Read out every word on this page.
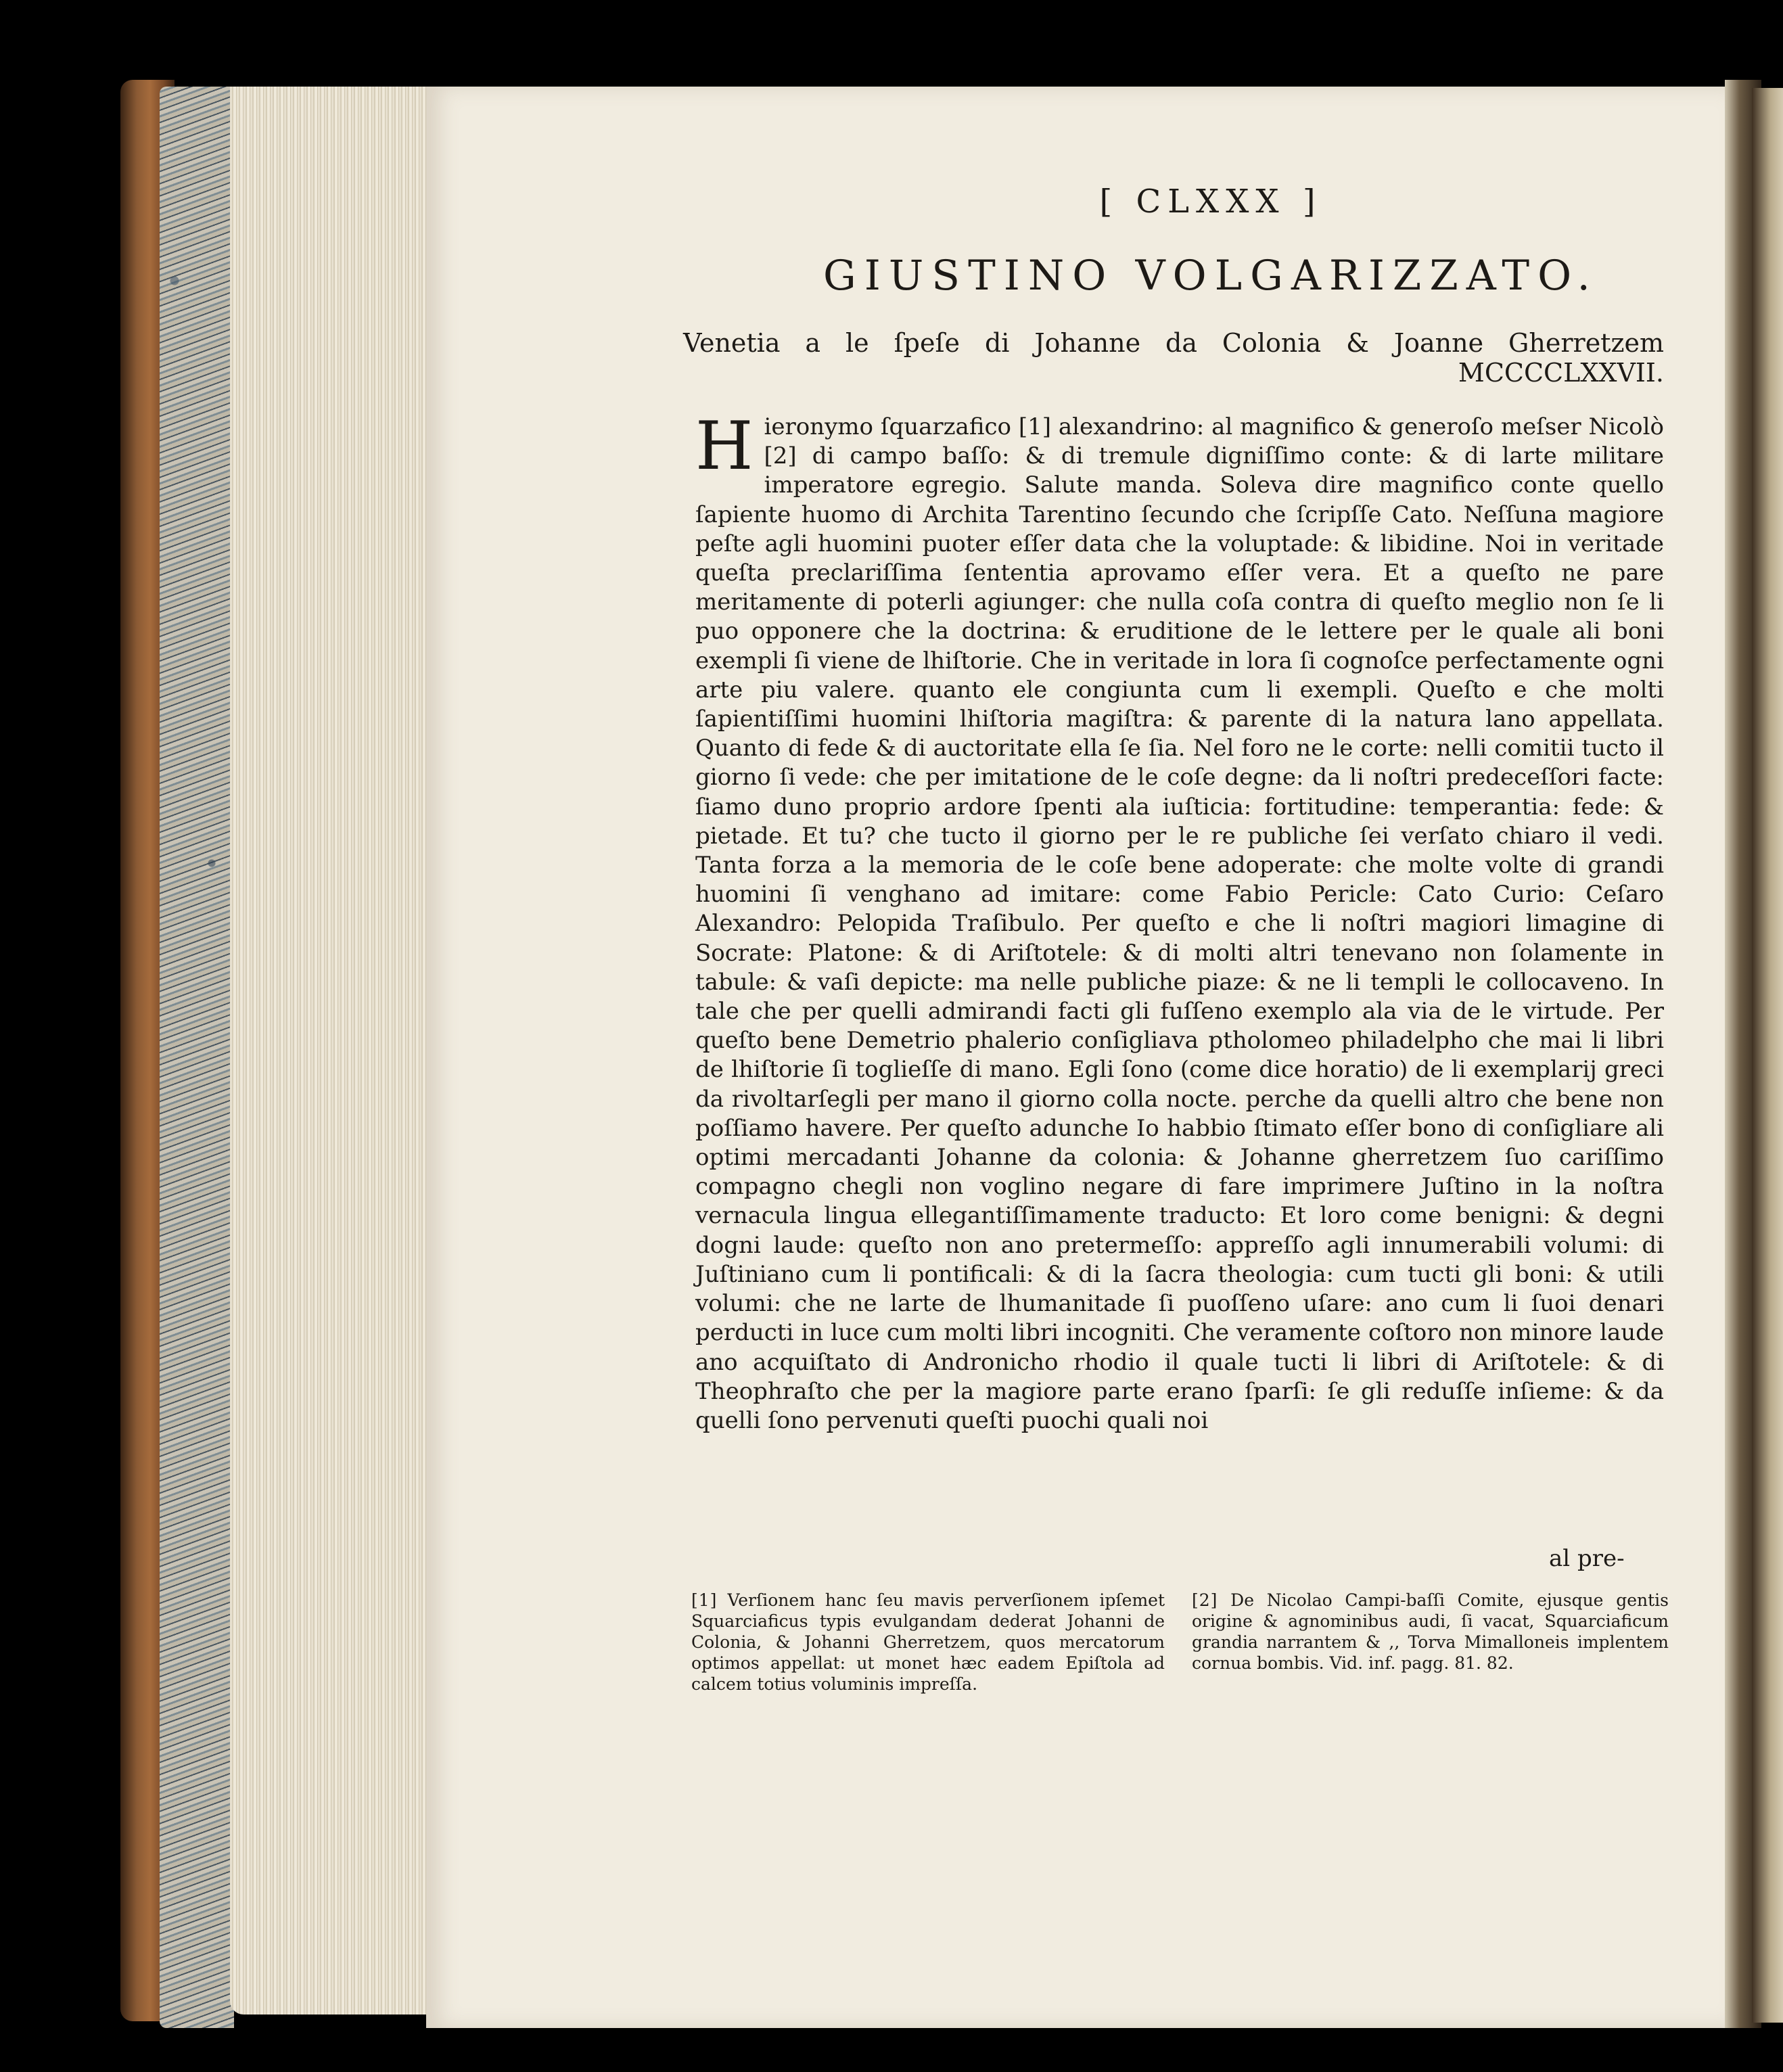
[ CLXXX ]
GIUSTINO VOLGARIZZATO.
Venetia a le ſpeſe di Johanne da Colonia & Joanne Gherretzem MCCCCLXXVII.
Hieronymo ſquarzafico [1] alexandrino: al magnifico & generoſo meſser Nicolò [2] di campo baſſo: & di tremule digniſſimo conte: & di larte militare imperatore egregio. Salute manda. Soleva dire magnifico conte quello ſapiente huomo di Archita Tarentino ſecundo che ſcripſſe Cato. Neſſuna magiore peſte agli huomini puoter eſſer data che la voluptade: & libidine. Noi in veritade queſta preclariſſima ſententia aprovamo eſſer vera. Et a queſto ne pare meritamente di poterli agiunger: che nulla coſa contra di queſto meglio non ſe li puo opponere che la doctrina: & eruditione de le lettere per le quale ali boni exempli ſi viene de lhiſtorie. Che in veritade in lora ſi cognoſce perfectamente ogni arte piu valere. quanto ele congiunta cum li exempli. Queſto e che molti ſapientiſſimi huomini lhiſtoria magiſtra: & parente di la natura lano appellata. Quanto di fede & di auctoritate ella ſe ſia. Nel foro ne le corte: nelli comitii tucto il giorno ſi vede: che per imitatione de le coſe degne: da li noſtri predeceſſori facte: ſiamo duno proprio ardore ſpenti ala iuſticia: fortitudine: temperantia: fede: & pietade. Et tu? che tucto il giorno per le re publiche ſei verſato chiaro il vedi. Tanta forza a la memoria de le coſe bene adoperate: che molte volte di grandi huomini ſi venghano ad imitare: come Fabio Pericle: Cato Curio: Ceſaro Alexandro: Pelopida Traſibulo. Per queſto e che li noſtri magiori limagine di Socrate: Platone: & di Ariſtotele: & di molti altri tenevano non ſolamente in tabule: & vaſi depicte: ma nelle publiche piaze: & ne li templi le collocaveno. In tale che per quelli admirandi facti gli fuſſeno exemplo ala via de le virtude. Per queſto bene Demetrio phalerio conſigliava ptholomeo philadelpho che mai li libri de lhiſtorie ſi toglieſſe di mano. Egli ſono (come dice horatio) de li exemplarij greci da rivoltarſegli per mano il giorno colla nocte. perche da quelli altro che bene non poſſiamo havere. Per queſto adunche Io habbio ſtimato eſſer bono di conſigliare ali optimi mercadanti Johanne da colonia: & Johanne gherretzem ſuo cariſſimo compagno chegli non voglino negare di fare imprimere Juſtino in la noſtra vernacula lingua ellegantiſſimamente traducto: Et loro come benigni: & degni dogni laude: queſto non ano pretermeſſo: appreſſo agli innumerabili volumi: di Juſtiniano cum li pontificali: & di la ſacra theologia: cum tucti gli boni: & utili volumi: che ne larte de lhumanitade ſi puoſſeno uſare: ano cum li ſuoi denari perducti in luce cum molti libri incogniti. Che veramente coſtoro non minore laude ano acquiſtato di Andronicho rhodio il quale tucti li libri di Ariſtotele: & di Theophraſto che per la magiore parte erano ſparſi: ſe gli reduſſe inſieme: & da quelli ſono pervenuti queſti puochi quali noi
al pre-
[1] Verſionem hanc ſeu mavis perverſionem ipſemet Squarciaficus typis evulgandam dederat Johanni de Colonia, & Johanni Gherretzem, quos mercatorum optimos appellat: ut monet hæc eadem Epiſtola ad calcem totius voluminis impreſſa.
[2] De Nicolao Campi-baſſi Comite, ejusque gentis origine & agnominibus audi, ſi vacat, Squarciaficum grandia narrantem & ,, Torva Mimalloneis implentem cornua bombis. Vid. inf. pagg. 81. 82.
